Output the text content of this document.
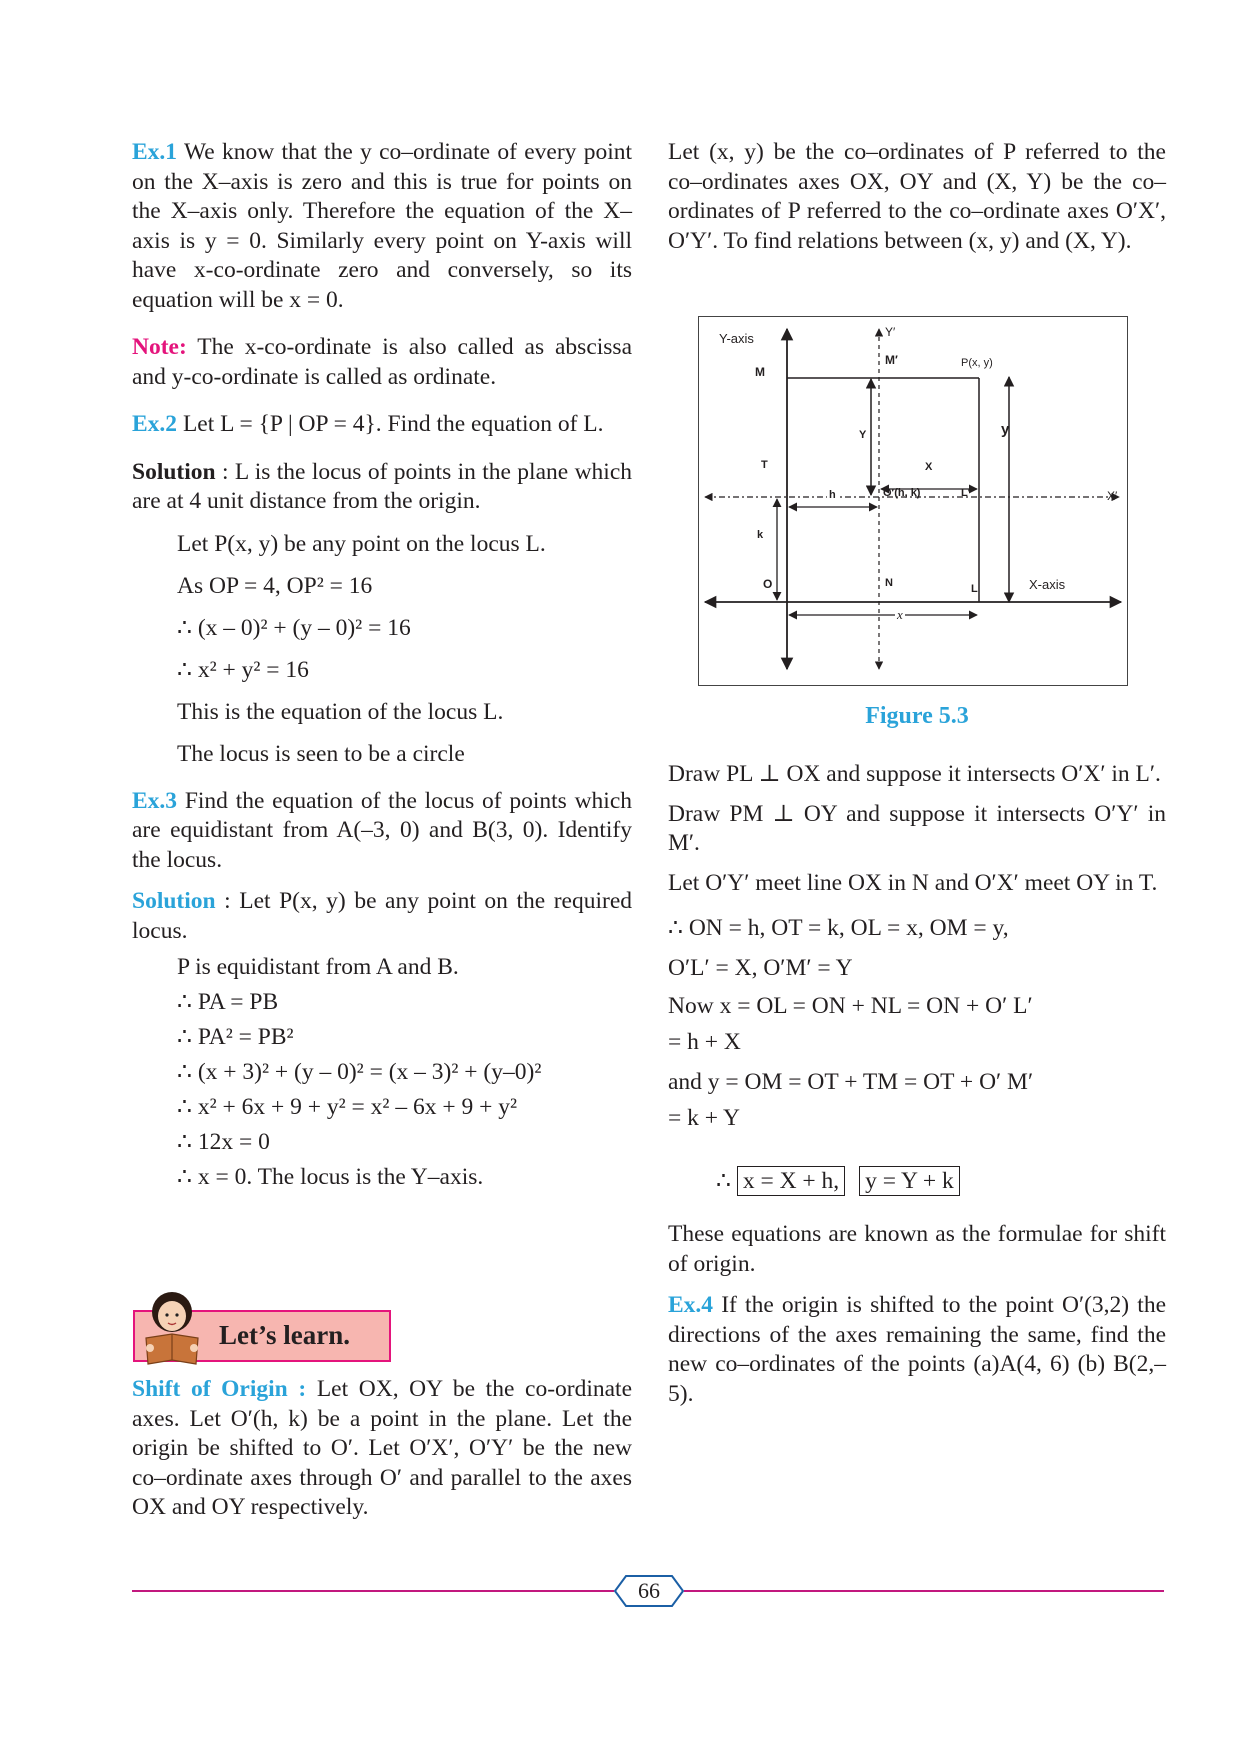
Ex.1 We know that the y co–ordinate of every point on the X–axis is zero and this is true for points on the X–axis only. Therefore the equation of the X–axis is y = 0. Similarly every point on Y-axis will have x-co-ordinate zero and conversely, so its equation will be x = 0.

Note: The x-co-ordinate is also called as abscissa and y-co-ordinate is called as ordinate.

Ex.2 Let L = {P | OP = 4}. Find the equation of L.

Solution : L is the locus of points in the plane which are at 4 unit distance from the origin.

Let P(x, y) be any point on the locus L.
As OP = 4, OP² = 16
∴ (x – 0)² + (y – 0)² = 16
∴ x² + y² = 16
This is the equation of the locus L.
The locus is seen to be a circle

Ex.3 Find the equation of the locus of points which are equidistant from A(–3, 0) and B(3, 0). Identify the locus.

Solution : Let P(x, y) be any point on the required locus.

P is equidistant from A and B.
∴ PA = PB
∴ PA² = PB²
∴ (x + 3)² + (y – 0)² = (x – 3)² + (y–0)²
∴ x² + 6x + 9 + y² = x² – 6x + 9 + y²
∴ 12x = 0
∴ x = 0. The locus is the Y–axis.
Let’s learn.

Shift of Origin : Let OX, OY be the co-ordinate axes. Let O′(h, k) be a point in the plane. Let the origin be shifted to O′. Let O′X′, O′Y′ be the new co–ordinate axes through O′ and parallel to the axes OX and OY respectively.

Let (x, y) be the co–ordinates of P referred to the co–ordinates axes OX, OY and (X, Y) be the co–ordinates of P referred to the co–ordinate axes O′X′, O′Y′. To find relations between (x, y) and (X, Y).

Y-axis
X-axis
Y′
X′
M′
M
P(x, y)
y
Y
X
T
O′(h, k)
h	L′
k
O	N	L
x
Figure 5.3

Draw PL ⊥ OX and suppose it intersects O′X′ in L′.

Draw PM ⊥ OY and suppose it intersects O′Y′ in M′.

Let O′Y′ meet line OX in N and O′X′ meet OY in T.

∴ ON = h, OT = k, OL = x, OM = y,
O′L′ = X, O′M′ = Y
Now x = OL = ON + NL = ON + O′ L′
= h + X
and y = OM = OT + TM = OT + O′ M′
= k + Y
∴ x = X + h, y = Y + k

These equations are known as the formulae for shift of origin.

Ex.4 If the origin is shifted to the point O′(3,2) the directions of the axes remaining the same, find the new co–ordinates of the points (a)A(4, 6) (b) B(2,–5).

66
